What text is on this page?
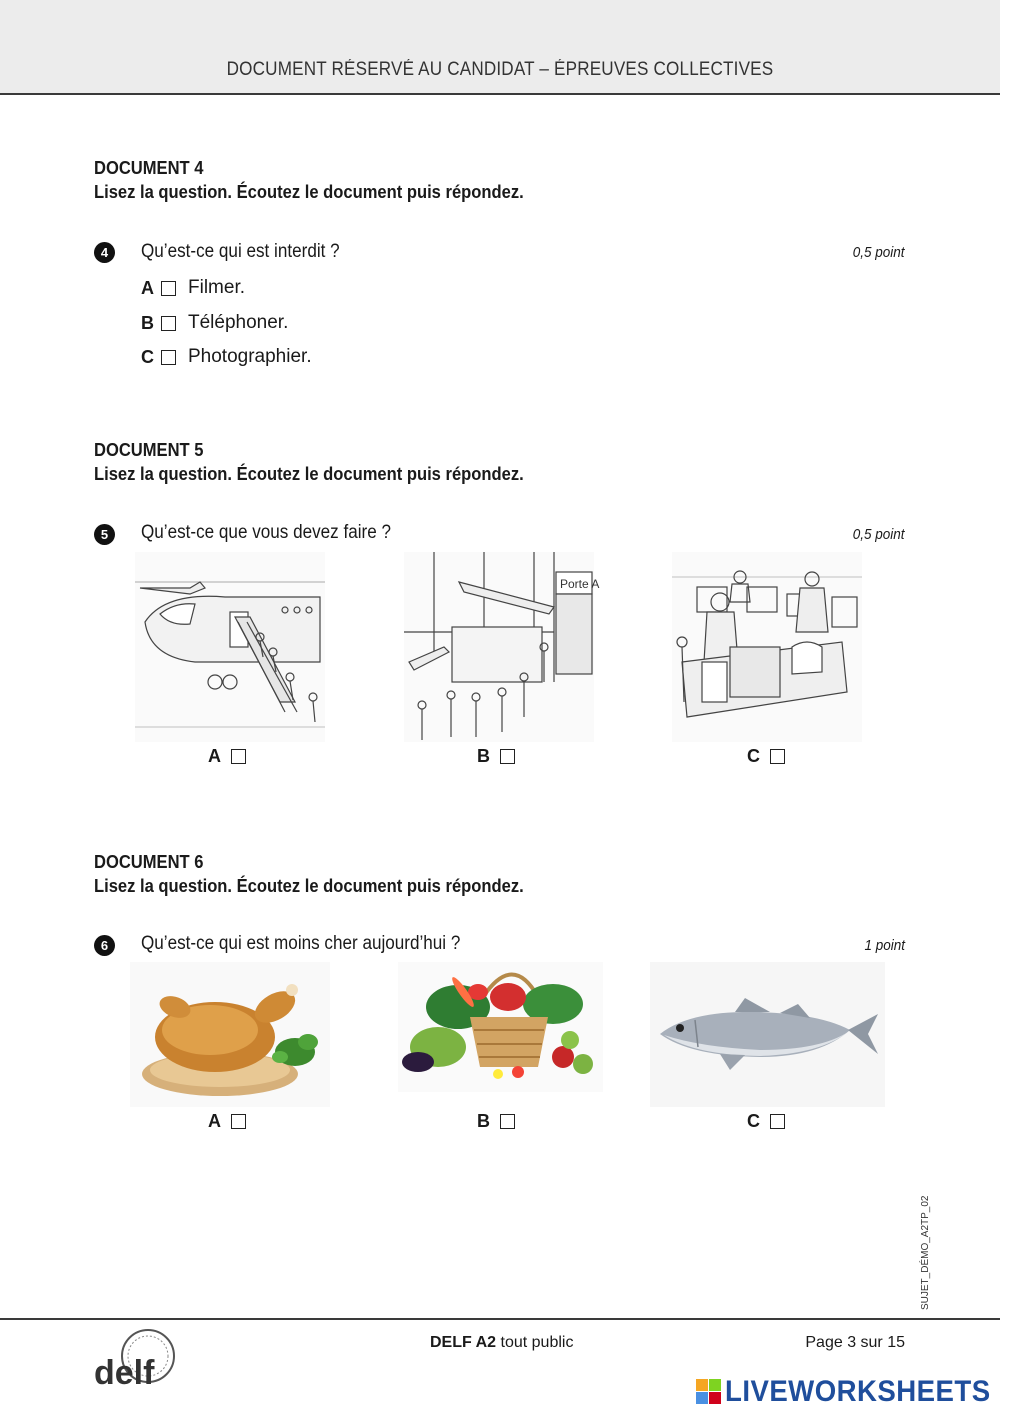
DOCUMENT RÉSERVÉ AU CANDIDAT – ÉPREUVES COLLECTIVES
DOCUMENT 4
Lisez la question. Écoutez le document puis répondez.
4	Qu’est-ce qui est interdit ?	0,5 point
A	Filmer.
B	Téléphoner.
C	Photographier.
DOCUMENT 5
Lisez la question. Écoutez le document puis répondez.
5	Qu’est-ce que vous devez faire ?	0,5 point
A
Porte A
B	C
DOCUMENT 6
Lisez la question. Écoutez le document puis répondez.
6	Qu’est-ce qui est moins cher aujourd’hui ?	1 point
A	B	C
SUJET_DÉMO_A2TP_02
delf
DELF A2 tout public	Page 3 sur 15
LIVEWORKSHEETS
